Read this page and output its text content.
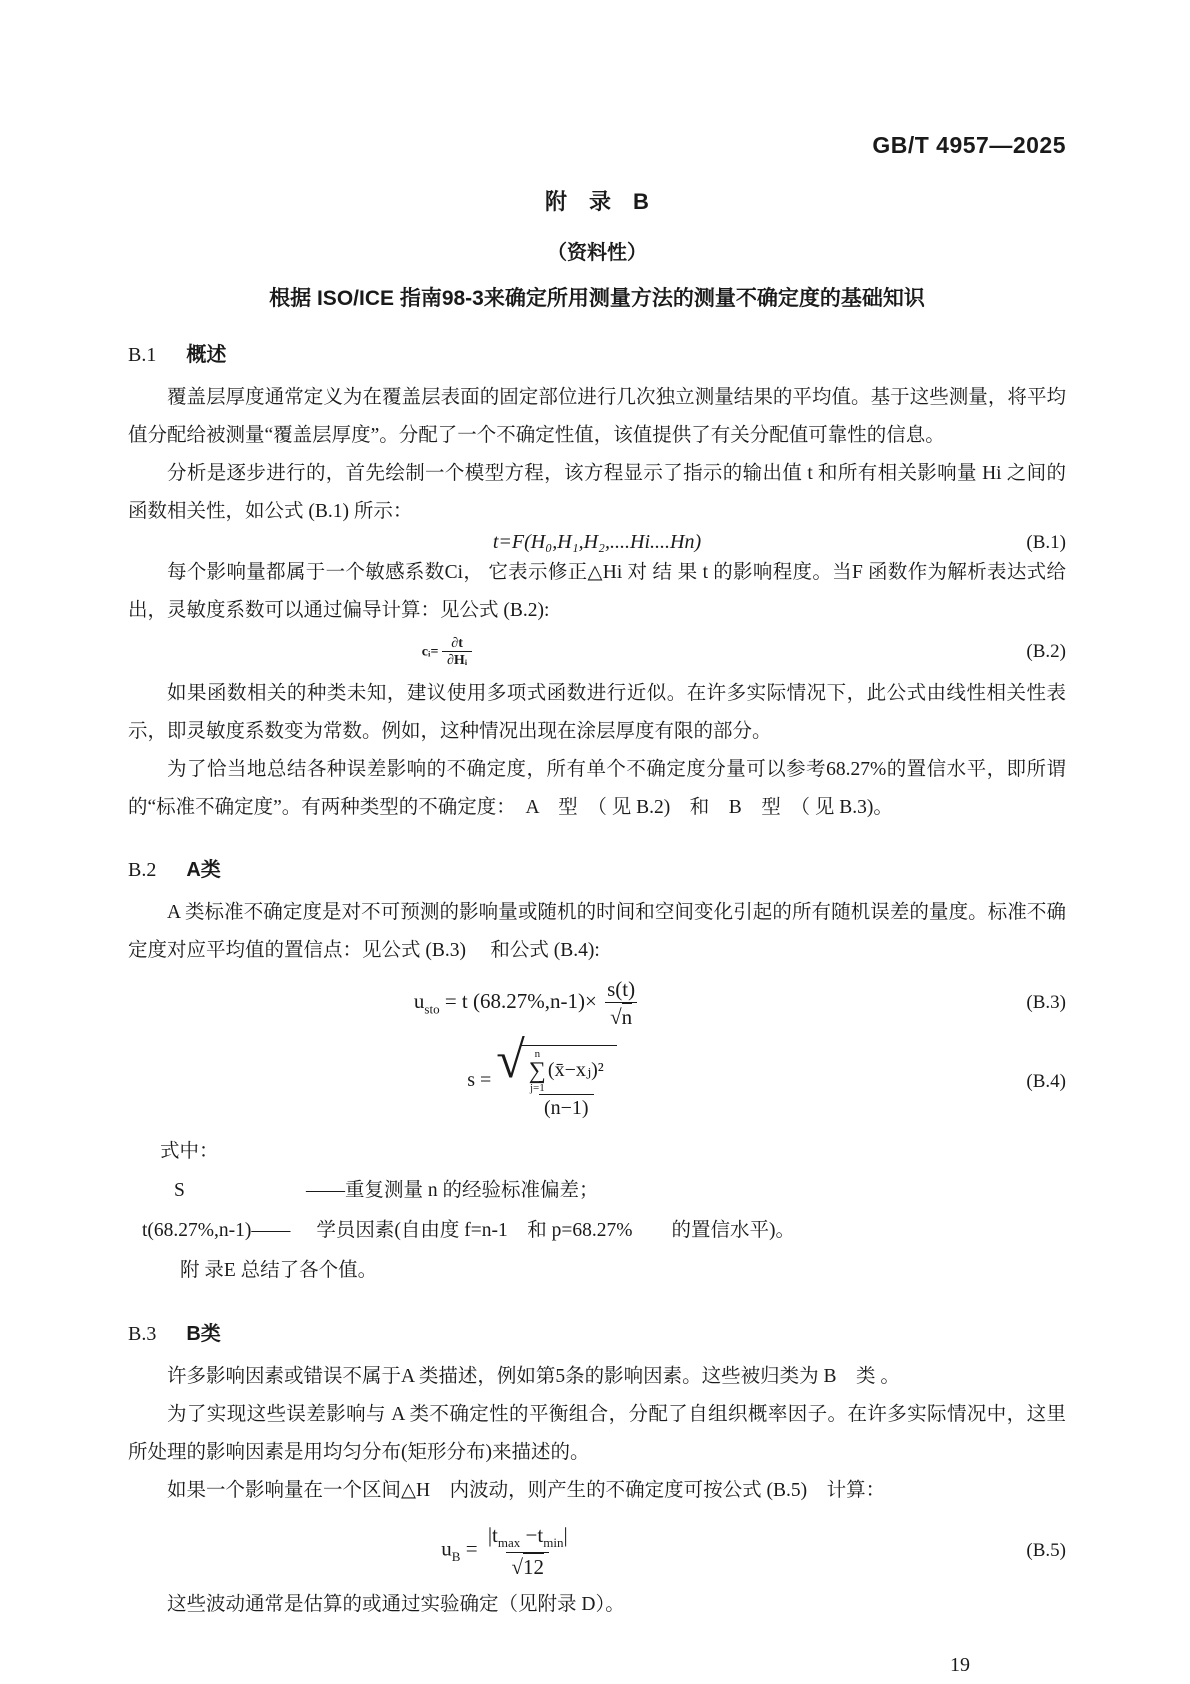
GB/T 4957—2025
附　录　B
（资料性）
根据 ISO/ICE 指南98-3来确定所用测量方法的测量不确定度的基础知识
B.1 概述

覆盖层厚度通常定义为在覆盖层表面的固定部位进行几次独立测量结果的平均值。基于这些测量，将平均值分配给被测量“覆盖层厚度”。分配了一个不确定性值，该值提供了有关分配值可靠性的信息。

分析是逐步进行的，首先绘制一个模型方程，该方程显示了指示的输出值 t 和所有相关影响量 Hi 之间的函数相关性，如公式 (B.1) 所示：

t=F(H₀,H₁,H₂,....Hi....Hn)	(B.1)

每个影响量都属于一个敏感系数Ci， 它表示修正△Hi 对 结 果 t 的影响程度。当F 函数作为解析表达式给出，灵敏度系数可以通过偏导计算：见公式 (B.2):

cᵢ= $\frac{\partial t}{\text{∂Hᵢ}}$	(B.2)

如果函数相关的种类未知，建议使用多项式函数进行近似。在许多实际情况下，此公式由线性相关性表示，即灵敏度系数变为常数。例如，这种情况出现在涂层厚度有限的部分。

为了恰当地总结各种误差影响的不确定度，所有单个不确定度分量可以参考68.27%的置信水平，即所谓的“标准不确定度”。有两种类型的不确定度：　A　型　（ 见 B.2)　和　B　型　（ 见 B.3)。

B.2 A类

A 类标准不确定度是对不可预测的影响量或随机的时间和空间变化引起的所有随机误差的量度。标准不确定度对应平均值的置信点：见公式 (B.3)　 和公式 (B.4):

$u_{sto} = t$ $(68.27\%,n-1)\times \frac{s(t)}{√n}$	(B.3)
s = √ n
∑
j=1
(x̄−xⱼ)²
(n−1)
(B.4)
式中：
S	——重复测量 n 的经验标准偏差；
t(68.27%,n-1)—— 学员因素(自由度 f=n-1　和 p=68.27%　　的置信水平)。
附 录E 总结了各个值。
B.3 B类

许多影响因素或错误不属于A 类描述，例如第5条的影响因素。这些被归类为 B　类 。

为了实现这些误差影响与 A 类不确定性的平衡组合，分配了自组织概率因子。在许多实际情况中，这里所处理的影响因素是用均匀分布(矩形分布)来描述的。

如果一个影响量在一个区间△H　内波动，则产生的不确定度可按公式 (B.5)　计算：

$u_B = \frac{|t_{max} -t_{min}|}{√12}$	(B.5)

这些波动通常是估算的或通过实验确定（见附录 D）。

19
